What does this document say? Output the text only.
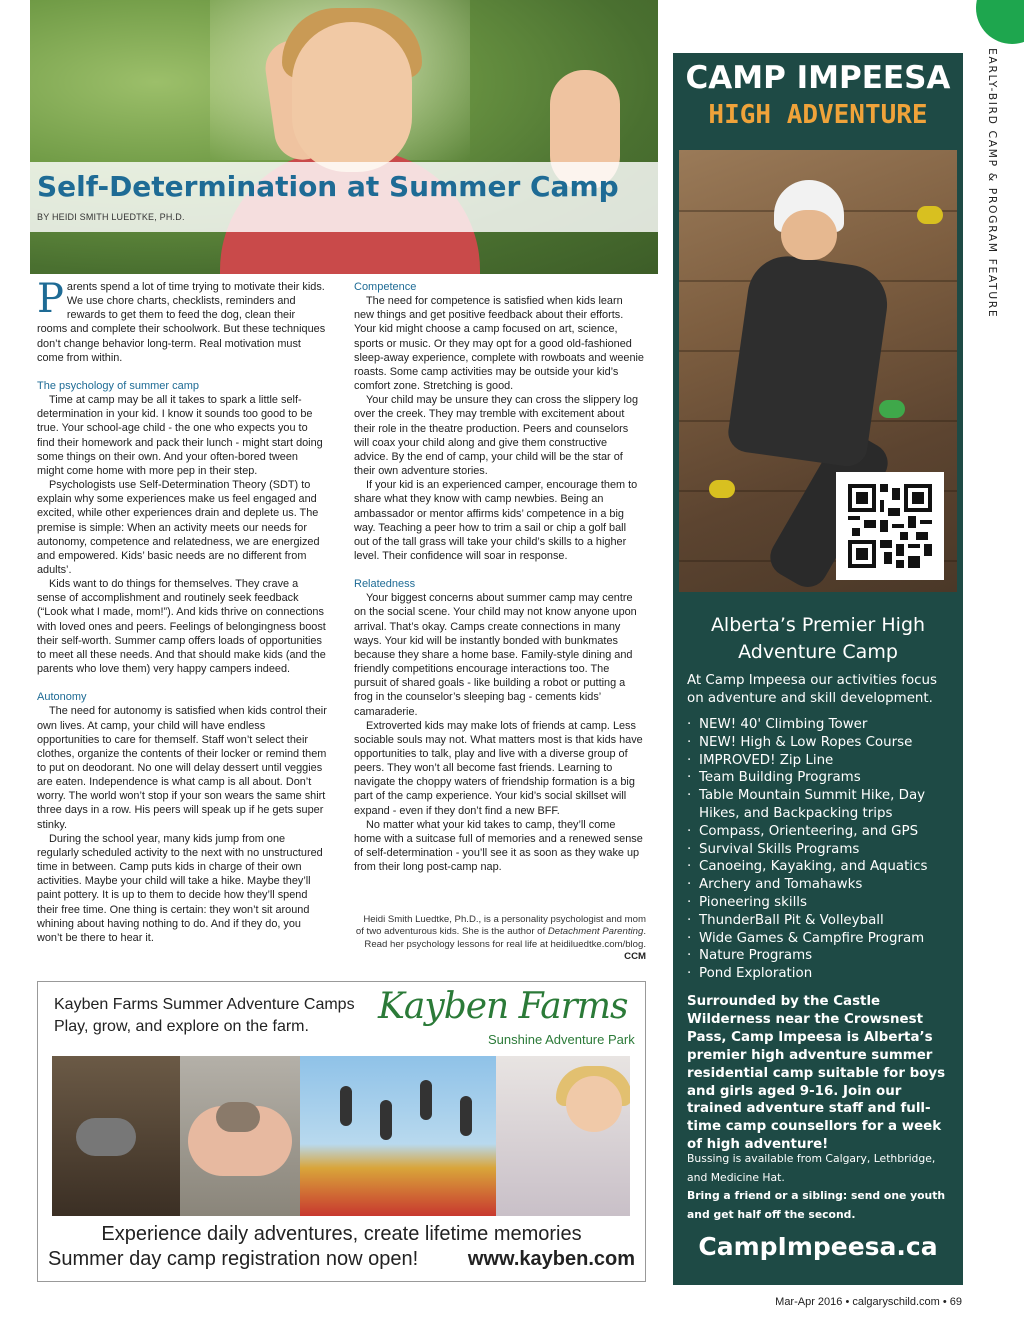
Self-Determination at Summer Camp
BY HEIDI SMITH LUEDTKE, PH.D.

Parents spend a lot of time trying to motivate their kids. We use chore charts, checklists, reminders and rewards to get them to feed the dog, clean their rooms and complete their schoolwork. But these techniques don’t change behavior long-term. Real motivation must come from within.

The psychology of summer camp

Time at camp may be all it takes to spark a little self-determination in your kid. I know it sounds too good to be true. Your school-age child - the one who expects you to find their homework and pack their lunch - might start doing some things on their own. And your often-bored tween might come home with more pep in their step.

Psychologists use Self-Determination Theory (SDT) to explain why some experiences make us feel engaged and excited, while other experiences drain and deplete us. The premise is simple: When an activity meets our needs for autonomy, competence and relatedness, we are energized and empowered. Kids’ basic needs are no different from adults’.

Kids want to do things for themselves. They crave a sense of accomplishment and routinely seek feedback (“Look what I made, mom!”). And kids thrive on connections with loved ones and peers. Feelings of belongingness boost their self-worth. Summer camp offers loads of opportunities to meet all these needs. And that should make kids (and the parents who love them) very happy campers indeed.

Autonomy

The need for autonomy is satisfied when kids control their own lives. At camp, your child will have endless opportunities to care for themself. Staff won’t select their clothes, organize the contents of their locker or remind them to put on deodorant. No one will delay dessert until veggies are eaten. Independence is what camp is all about. Don’t worry. The world won’t stop if your son wears the same shirt three days in a row. His peers will speak up if he gets super stinky.

During the school year, many kids jump from one regularly scheduled activity to the next with no unstructured time in between. Camp puts kids in charge of their own activities. Maybe your child will take a hike. Maybe they’ll paint pottery. It is up to them to decide how they’ll spend their free time. One thing is certain: they won’t sit around whining about having nothing to do. And if they do, you won’t be there to hear it.

Competence

The need for competence is satisfied when kids learn new things and get positive feedback about their efforts. Your kid might choose a camp focused on art, science, sports or music. Or they may opt for a good old-fashioned sleep-away experience, complete with rowboats and weenie roasts. Some camp activities may be outside your kid’s comfort zone. Stretching is good.

Your child may be unsure they can cross the slippery log over the creek. They may tremble with excitement about their role in the theatre production. Peers and counselors will coax your child along and give them constructive advice. By the end of camp, your child will be the star of their own adventure stories.

If your kid is an experienced camper, encourage them to share what they know with camp newbies. Being an ambassador or mentor affirms kids’ competence in a big way. Teaching a peer how to trim a sail or chip a golf ball out of the tall grass will take your child’s skills to a higher level. Their confidence will soar in response.

Relatedness

Your biggest concerns about summer camp may centre on the social scene. Your child may not know anyone upon arrival. That’s okay. Camps create connections in many ways. Your kid will be instantly bonded with bunkmates because they share a home base. Family-style dining and friendly competitions encourage interactions too. The pursuit of shared goals - like building a robot or putting a frog in the counselor’s sleeping bag - cements kids’ camaraderie.

Extroverted kids may make lots of friends at camp. Less sociable souls may not. What matters most is that kids have opportunities to talk, play and live with a diverse group of peers. They won’t all become fast friends. Learning to navigate the choppy waters of friendship formation is a big part of the camp experience. Your kid’s social skillset will expand - even if they don’t find a new BFF.

No matter what your kid takes to camp, they’ll come home with a suitcase full of memories and a renewed sense of self-determination - you’ll see it as soon as they wake up from their long post-camp nap.

Heidi Smith Luedtke, Ph.D., is a personality psychologist and mom of two adventurous kids. She is the author of Detachment Parenting. Read her psychology lessons for real life at heidiluedtke.com/blog. CCM
CAMP IMPEESA
HIGH ADVENTURE
Alberta’s Premier High Adventure Camp
At Camp Impeesa our activities focus on adventure and skill development.
· NEW! 40' Climbing Tower
· NEW! High & Low Ropes Course
· IMPROVED! Zip Line
· Team Building Programs
· Table Mountain Summit Hike, Day Hikes, and Backpacking trips
· Compass, Orienteering, and GPS
· Survival Skills Programs
· Canoeing, Kayaking, and Aquatics
· Archery and Tomahawks
· Pioneering skills
· ThunderBall Pit & Volleyball
· Wide Games & Campfire Program
· Nature Programs
· Pond Exploration
Surrounded by the Castle Wilderness near the Crowsnest Pass, Camp Impeesa is Alberta’s premier high adventure summer residential camp suitable for boys and girls aged 9-16. Join our trained adventure staff and full-time camp counsellors for a week of high adventure!
Bussing is available from Calgary, Lethbridge, and Medicine Hat.
Bring a friend or a sibling: send one youth and get half off the second.
CampImpeesa.ca
EARLY-BIRD CAMP & PROGRAM FEATURE
Kayben Farms Summer Adventure Camps
Play, grow, and explore on the farm. Kayben Farms
Sunshine Adventure Park
Experience daily adventures, create lifetime memories
Summer day camp registration now open! www.kayben.com
Mar-Apr 2016 • calgaryschild.com • 69
